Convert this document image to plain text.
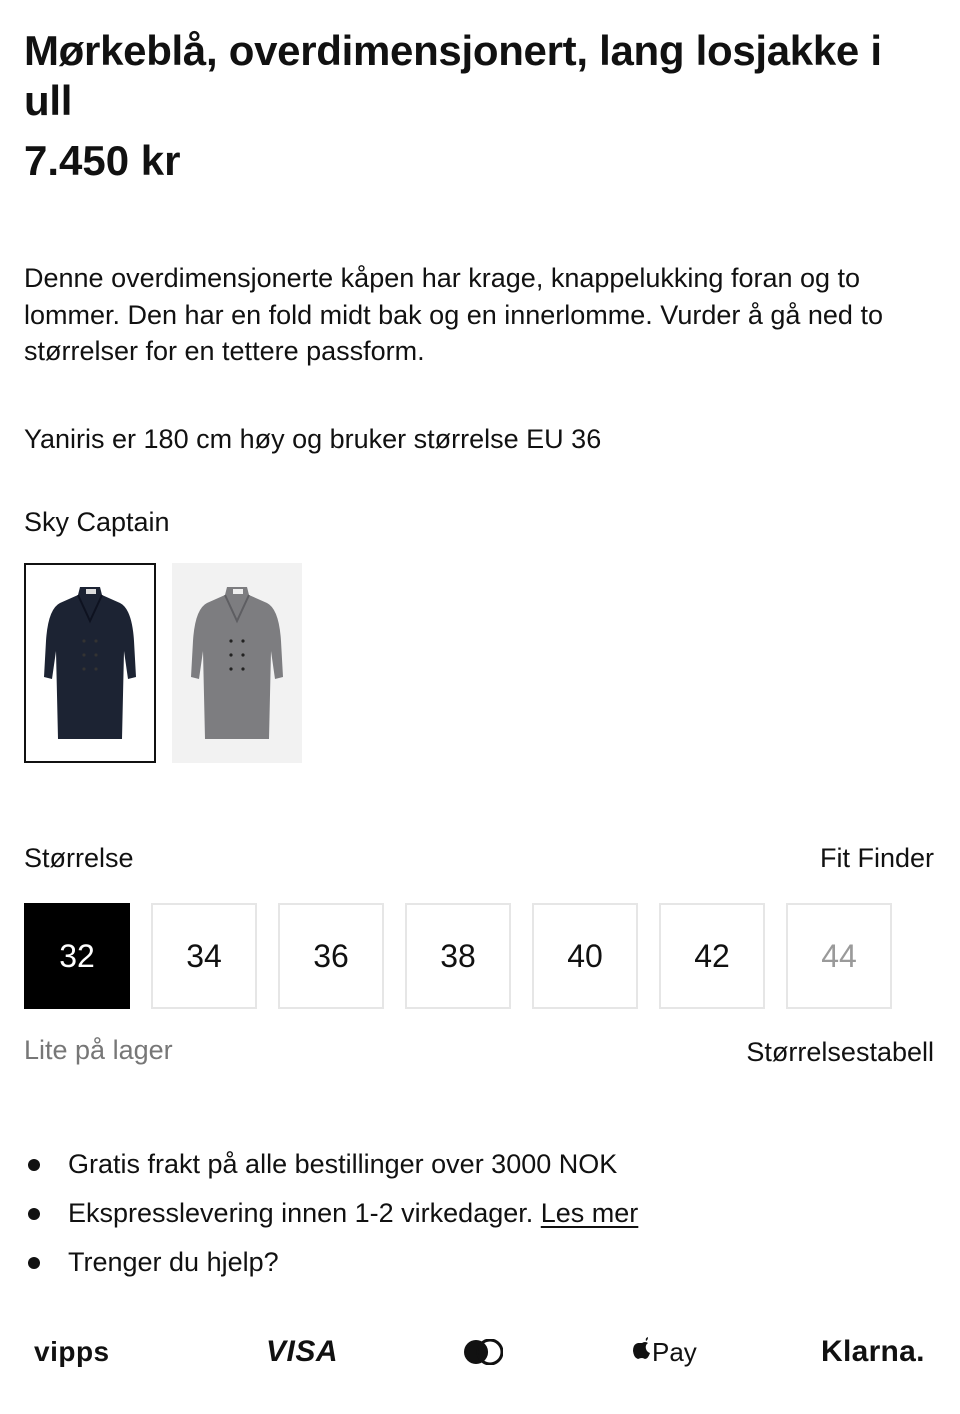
Mørkeblå, overdimensjonert, lang losjakke i ull
7.450 kr
Denne overdimensjonerte kåpen har krage, knappelukking foran og to lommer. Den har en fold midt bak og en innerlomme. Vurder å gå ned to størrelser for en tettere passform.
Yaniris er 180 cm høy og bruker størrelse EU 36
Sky Captain
Størrelse	Fit Finder
32	34	36	38	40	42	44
Lite på lager	Størrelsestabell
Gratis frakt på alle bestillinger over 3000 NOK
Ekspresslevering innen 1-2 virkedager. Les mer
Trenger du hjelp?
vipps	VISA	Pay	Klarna.
